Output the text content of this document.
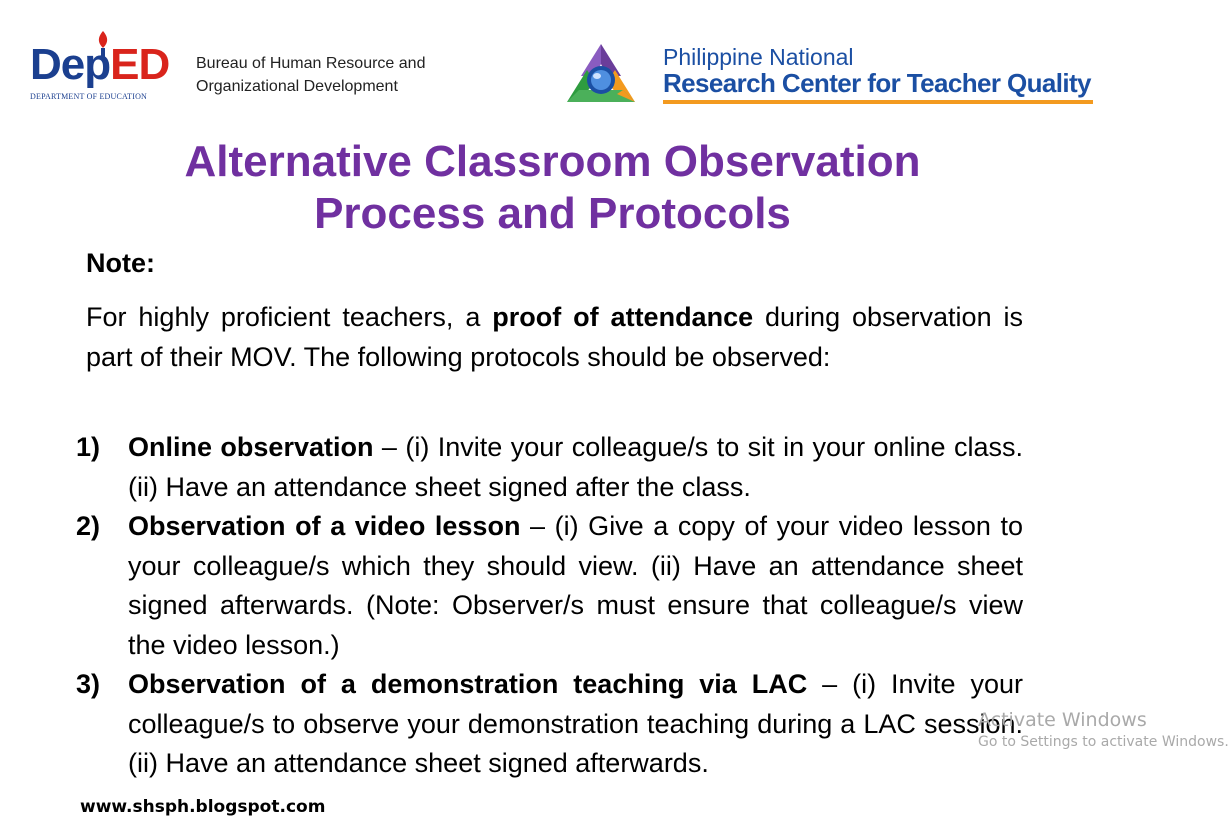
DepED
DEPARTMENT OF EDUCATION
Bureau of Human Resource and
Organizational Development
Philippine National
Research Center for Teacher Quality
Alternative Classroom Observation
Process and Protocols
Note:

For highly proficient teachers, a proof of attendance during observation is part of their MOV. The following protocols should be observed:

1) Online observation – (i) Invite your colleague/s to sit in your online class. (ii) Have an attendance sheet signed after the class.
2) Observation of a video lesson – (i) Give a copy of your video lesson to your colleague/s which they should view. (ii) Have an attendance sheet signed afterwards. (Note: Observer/s must ensure that colleague/s view the video lesson.)
3) Observation of a demonstration teaching via LAC – (i) Invite your colleague/s to observe your demonstration teaching during a LAC session. (ii) Have an attendance sheet signed afterwards.
www.shsph.blogspot.com
Activate Windows
Go to Settings to activate Windows.
